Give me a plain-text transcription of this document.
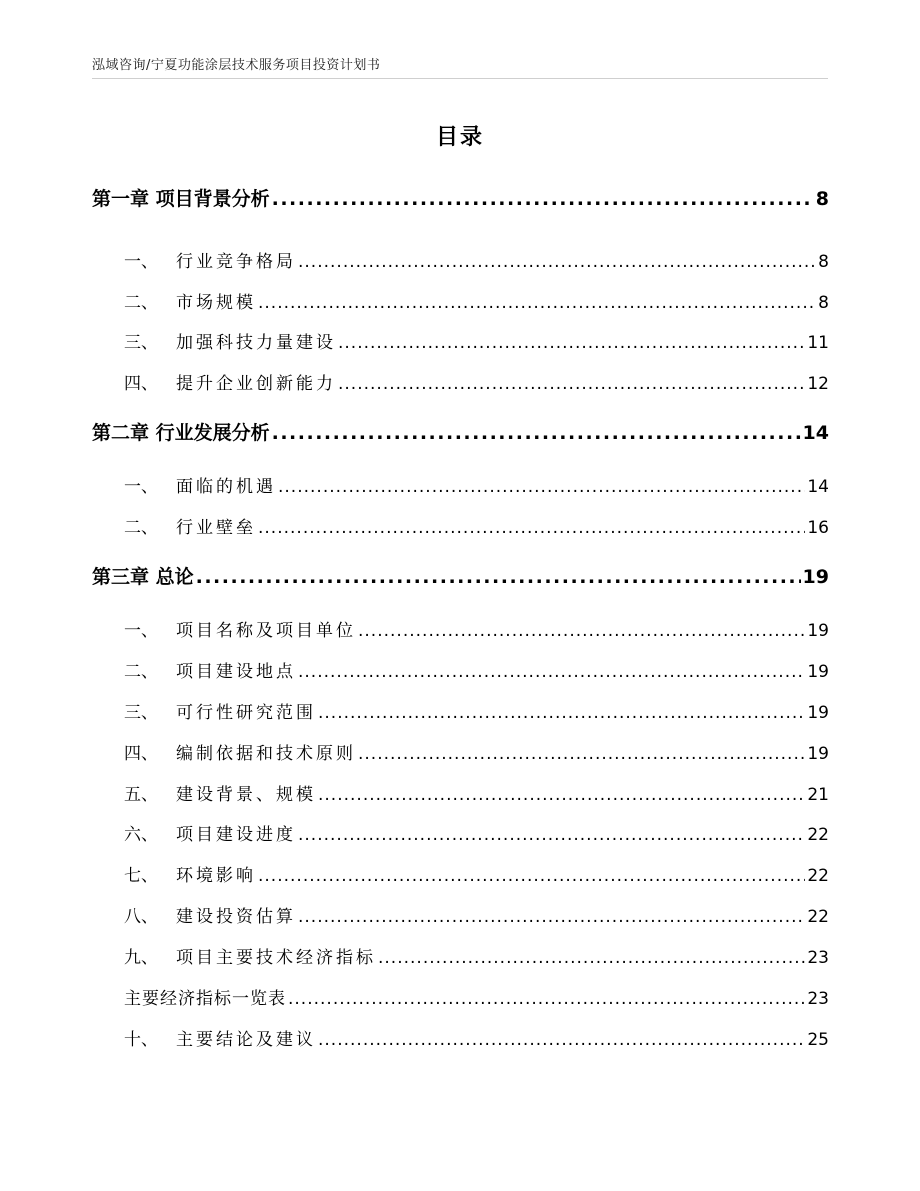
泓域咨询/宁夏功能涂层技术服务项目投资计划书
目录
第一章 项目背景分析 .....	8
一、 行业竞争格局 .....	8
二、 市场规模 .....	8
三、 加强科技力量建设 .....	11
四、 提升企业创新能力 .....	12
第二章 行业发展分析 .....	14
一、 面临的机遇 .....	14
二、 行业壁垒 .....	16
第三章 总论 .....	19
一、 项目名称及项目单位 .....	19
二、 项目建设地点 .....	19
三、 可行性研究范围 .....	19
四、 编制依据和技术原则 .....	19
五、 建设背景、规模 .....	21
六、 项目建设进度 .....	22
七、 环境影响 .....	22
八、 建设投资估算 .....	22
九、 项目主要技术经济指标 .....	23
主要经济指标一览表 .....	23
十、 主要结论及建议 .....	25
